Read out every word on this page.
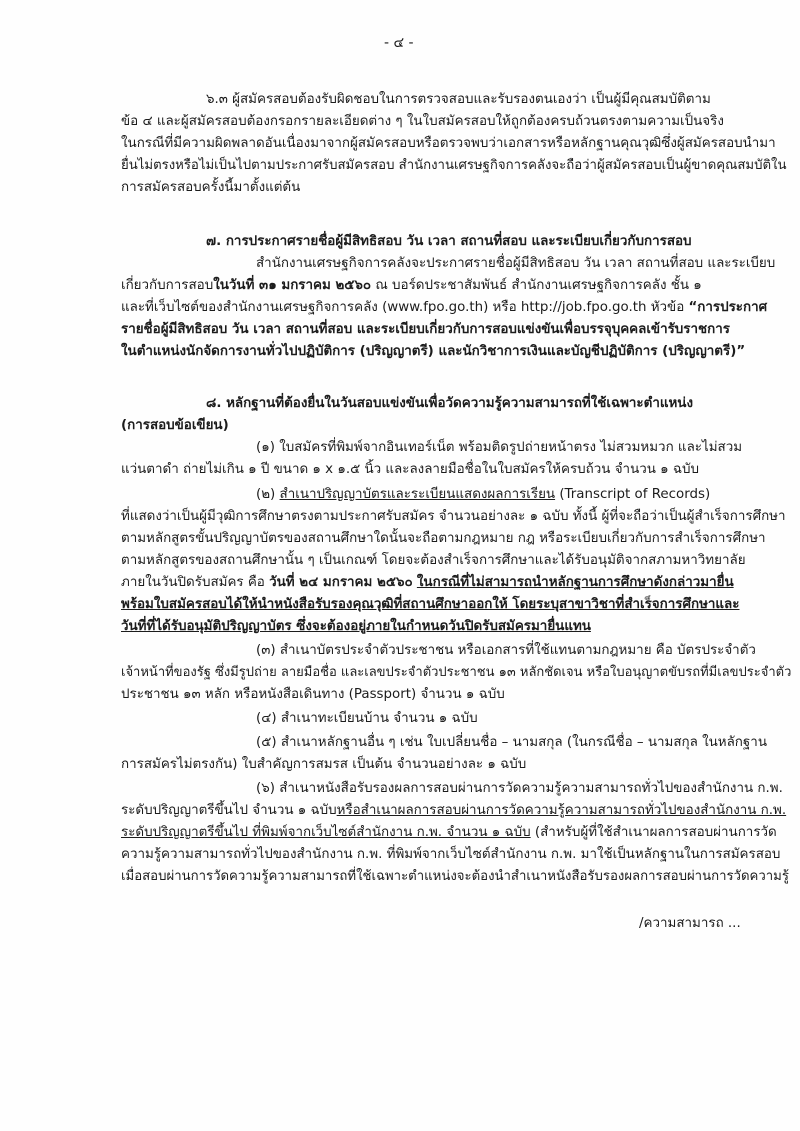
- ๔ -
๖.๓ ผู้สมัครสอบต้องรับผิดชอบในการตรวจสอบและรับรองตนเองว่า เป็นผู้มีคุณสมบัติตาม
ข้อ ๔ และผู้สมัครสอบต้องกรอกรายละเอียดต่าง ๆ ในใบสมัครสอบให้ถูกต้องครบถ้วนตรงตามความเป็นจริง
ในกรณีที่มีความผิดพลาดอันเนื่องมาจากผู้สมัครสอบหรือตรวจพบว่าเอกสารหรือหลักฐานคุณวุฒิซึ่งผู้สมัครสอบนำมา
ยื่นไม่ตรงหรือไม่เป็นไปตามประกาศรับสมัครสอบ สำนักงานเศรษฐกิจการคลังจะถือว่าผู้สมัครสอบเป็นผู้ขาดคุณสมบัติใน
การสมัครสอบครั้งนี้มาตั้งแต่ต้น
๗. การประกาศรายชื่อผู้มีสิทธิสอบ วัน เวลา สถานที่สอบ และระเบียบเกี่ยวกับการสอบ
สำนักงานเศรษฐกิจการคลังจะประกาศรายชื่อผู้มีสิทธิสอบ วัน เวลา สถานที่สอบ และระเบียบ
เกี่ยวกับการสอบในวันที่ ๓๑ มกราคม ๒๕๖๐ ณ บอร์ดประชาสัมพันธ์ สำนักงานเศรษฐกิจการคลัง ชั้น ๑
และที่เว็บไซต์ของสำนักงานเศรษฐกิจการคลัง (www.fpo.go.th) หรือ http://job.fpo.go.th หัวข้อ “การประกาศ
รายชื่อผู้มีสิทธิสอบ วัน เวลา สถานที่สอบ และระเบียบเกี่ยวกับการสอบแข่งขันเพื่อบรรจุบุคคลเข้ารับราชการ
ในตำแหน่งนักจัดการงานทั่วไปปฏิบัติการ (ปริญญาตรี) และนักวิชาการเงินและบัญชีปฏิบัติการ (ปริญญาตรี)”
๘. หลักฐานที่ต้องยื่นในวันสอบแข่งขันเพื่อวัดความรู้ความสามารถที่ใช้เฉพาะตำแหน่ง
(การสอบข้อเขียน)
(๑) ใบสมัครที่พิมพ์จากอินเทอร์เน็ต พร้อมติดรูปถ่ายหน้าตรง ไม่สวมหมวก และไม่สวม
แว่นตาดำ ถ่ายไม่เกิน ๑ ปี ขนาด ๑ x ๑.๕ นิ้ว และลงลายมือชื่อในใบสมัครให้ครบถ้วน จำนวน ๑ ฉบับ
(๒) สำเนาปริญญาบัตรและระเบียนแสดงผลการเรียน (Transcript of Records)
ที่แสดงว่าเป็นผู้มีวุฒิการศึกษาตรงตามประกาศรับสมัคร จำนวนอย่างละ ๑ ฉบับ ทั้งนี้ ผู้ที่จะถือว่าเป็นผู้สำเร็จการศึกษา
ตามหลักสูตรขั้นปริญญาบัตรของสถานศึกษาใดนั้นจะถือตามกฎหมาย กฎ หรือระเบียบเกี่ยวกับการสำเร็จการศึกษา
ตามหลักสูตรของสถานศึกษานั้น ๆ เป็นเกณฑ์ โดยจะต้องสำเร็จการศึกษาและได้รับอนุมัติจากสภามหาวิทยาลัย
ภายในวันปิดรับสมัคร คือ วันที่ ๒๔ มกราคม ๒๕๖๐ ในกรณีที่ไม่สามารถนำหลักฐานการศึกษาดังกล่าวมายื่น
พร้อมใบสมัครสอบได้ให้นำหนังสือรับรองคุณวุฒิที่สถานศึกษาออกให้ โดยระบุสาขาวิชาที่สำเร็จการศึกษาและ
วันที่ที่ได้รับอนุมัติปริญญาบัตร ซึ่งจะต้องอยู่ภายในกำหนดวันปิดรับสมัครมายื่นแทน
(๓) สำเนาบัตรประจำตัวประชาชน หรือเอกสารที่ใช้แทนตามกฎหมาย คือ บัตรประจำตัว
เจ้าหน้าที่ของรัฐ ซึ่งมีรูปถ่าย ลายมือชื่อ และเลขประจำตัวประชาชน ๑๓ หลักชัดเจน หรือใบอนุญาตขับรถที่มีเลขประจำตัว
ประชาชน ๑๓ หลัก หรือหนังสือเดินทาง (Passport) จำนวน ๑ ฉบับ
(๔) สำเนาทะเบียนบ้าน จำนวน ๑ ฉบับ
(๕) สำเนาหลักฐานอื่น ๆ เช่น ใบเปลี่ยนชื่อ – นามสกุล (ในกรณีชื่อ – นามสกุล ในหลักฐาน
การสมัครไม่ตรงกัน) ใบสำคัญการสมรส เป็นต้น จำนวนอย่างละ ๑ ฉบับ
(๖) สำเนาหนังสือรับรองผลการสอบผ่านการวัดความรู้ความสามารถทั่วไปของสำนักงาน ก.พ.
ระดับปริญญาตรีขึ้นไป จำนวน ๑ ฉบับหรือสำเนาผลการสอบผ่านการวัดความรู้ความสามารถทั่วไปของสำนักงาน ก.พ.
ระดับปริญญาตรีขึ้นไป ที่พิมพ์จากเว็บไซต์สำนักงาน ก.พ. จำนวน ๑ ฉบับ (สำหรับผู้ที่ใช้สำเนาผลการสอบผ่านการวัด
ความรู้ความสามารถทั่วไปของสำนักงาน ก.พ. ที่พิมพ์จากเว็บไซต์สำนักงาน ก.พ. มาใช้เป็นหลักฐานในการสมัครสอบ
เมื่อสอบผ่านการวัดความรู้ความสามารถที่ใช้เฉพาะตำแหน่งจะต้องนำสำเนาหนังสือรับรองผลการสอบผ่านการวัดความรู้
/ความสามารถ ...
